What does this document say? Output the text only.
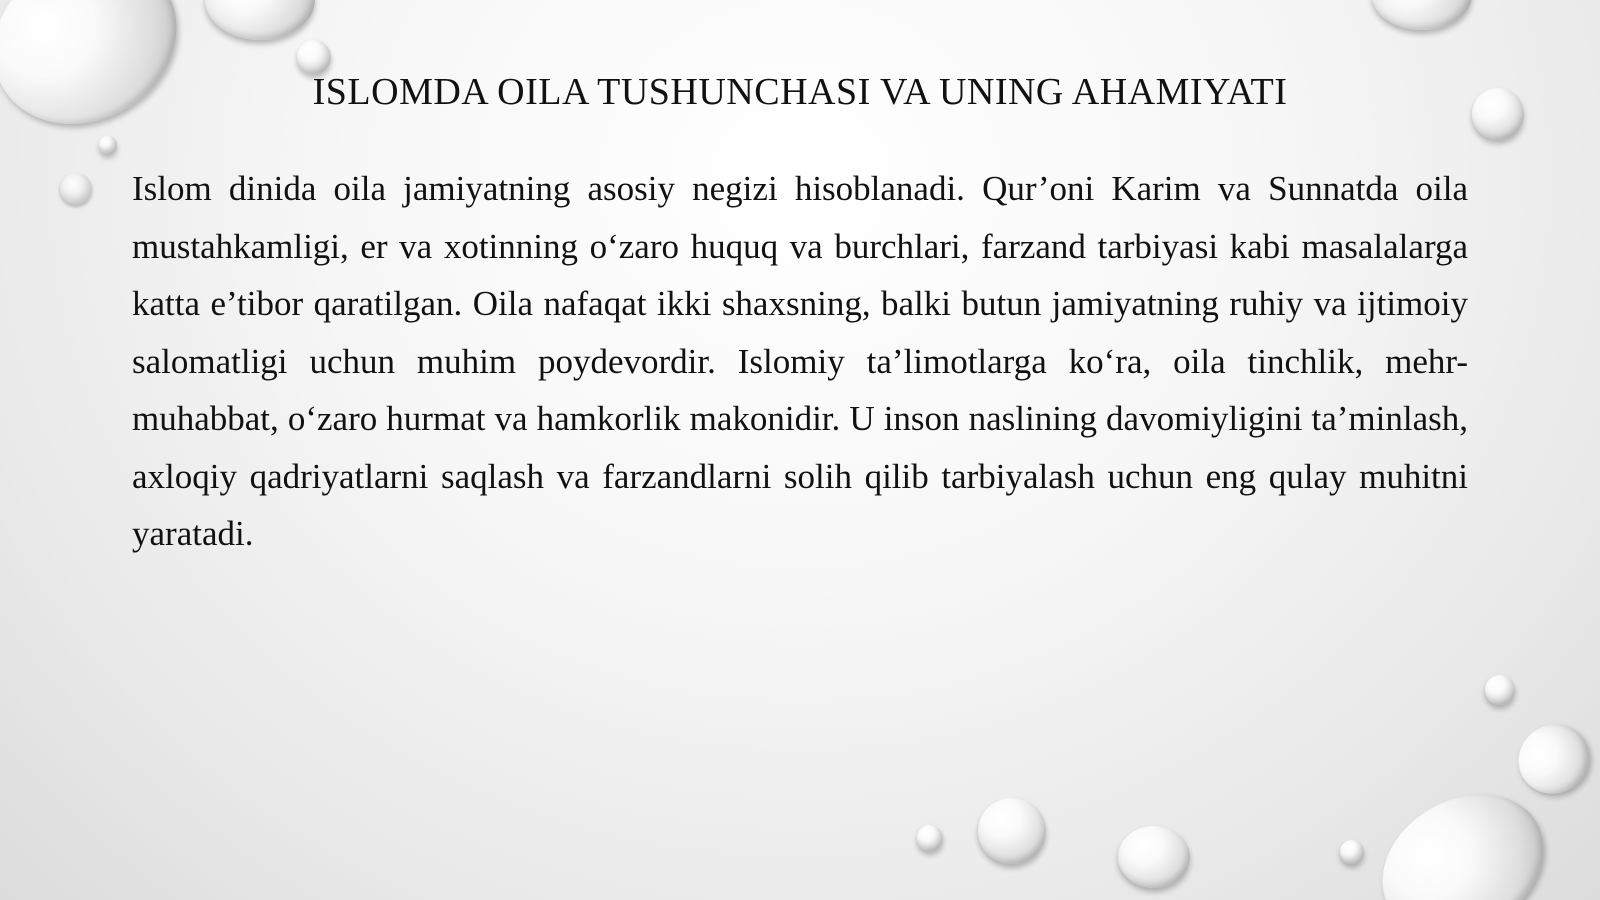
ISLOMDA OILA TUSHUNCHASI VA UNING AHAMIYATI

Islom dinida oila jamiyatning asosiy negizi hisoblanadi. Qur’oni Karim va Sunnatda oila mustahkamligi, er va xotinning o‘zaro huquq va burchlari, farzand tarbiyasi kabi masalalarga katta e’tibor qaratilgan. Oila nafaqat ikki shaxsning, balki butun jamiyatning ruhiy va ijtimoiy salomatligi uchun muhim poydevordir. Islomiy ta’limotlarga ko‘ra, oila tinchlik, mehr-muhabbat, o‘zaro hurmat va hamkorlik makonidir. U inson naslining davomiyligini ta’minlash, axloqiy qadriyatlarni saqlash va farzandlarni solih qilib tarbiyalash uchun eng qulay muhitni yaratadi.
